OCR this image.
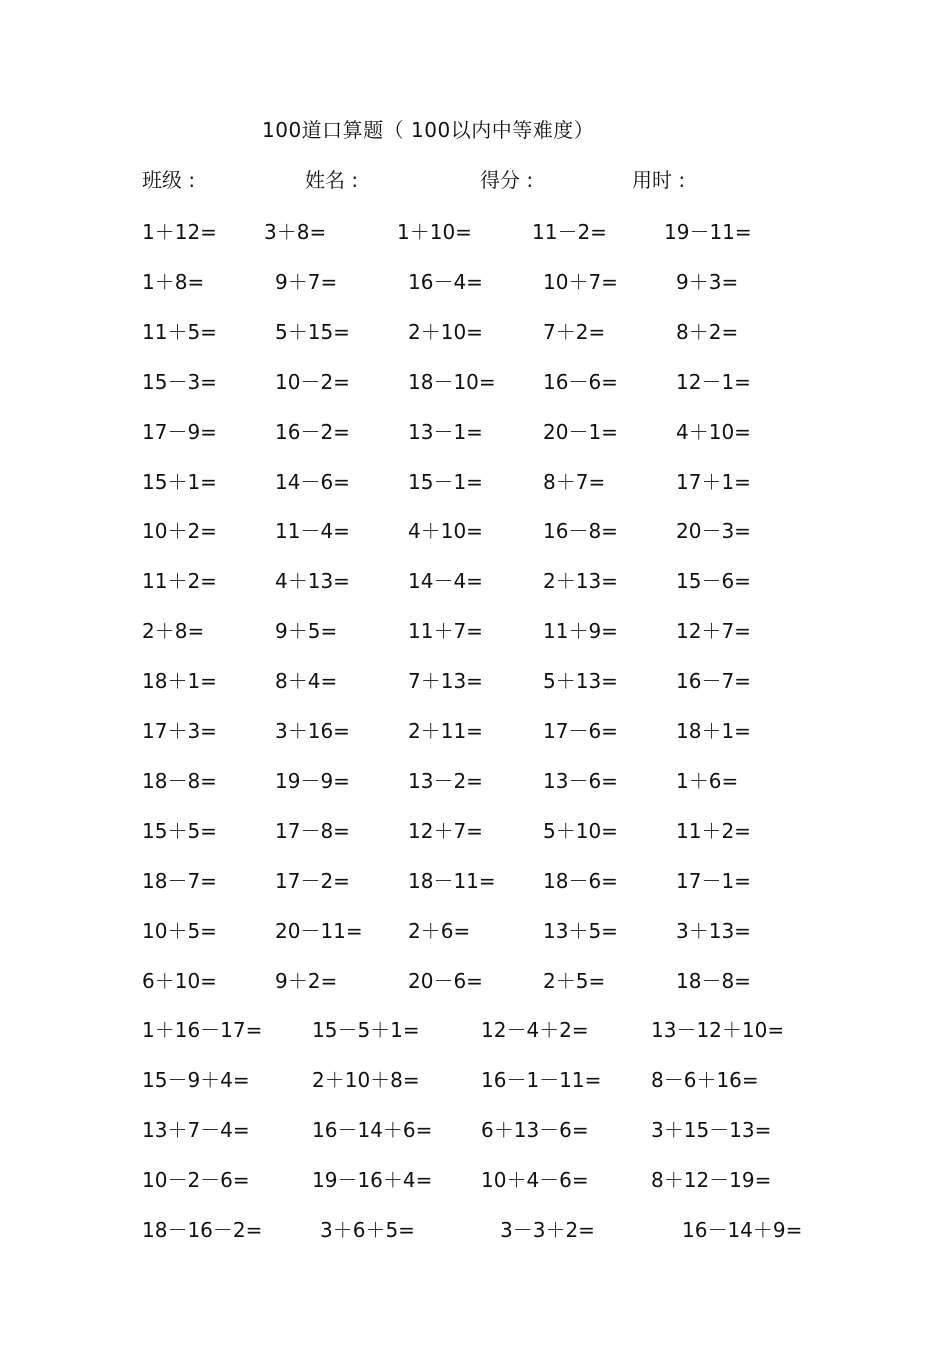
100道口算题（ 100以内中等难度）
班级 :	姓名 :	得分 :	用时 :
1＋12= 3＋8=	1＋10=	11－2=	19－11=
1＋8=	9＋7=	16－4=	10＋7=	9＋3=
11＋5=	5＋15=	2＋10=	7＋2=	8＋2=
15－3=	10－2=	18－10= 16－6=	12－1=
17－9=	16－2=	13－1=	20－1=	4＋10=
15＋1=	14－6=	15－1=	8＋7=	17＋1=
10＋2=	11－4=	4＋10=	16－8=	20－3=
11＋2=	4＋13=	14－4=	2＋13=	15－6=
2＋8=	9＋5=	11＋7=	11＋9=	12＋7=
18＋1=	8＋4=	7＋13=	5＋13=	16－7=
17＋3=	3＋16=	2＋11=	17－6=	18＋1=
18－8=	19－9=	13－2=	13－6=	1＋6=
15＋5=	17－8=	12＋7=	5＋10=	11＋2=
18－7=	17－2=	18－11= 18－6=	17－1=
10＋5=	20－11= 2＋6=	13＋5=	3＋13=
6＋10=	9＋2=	20－6=	2＋5=	18－8=
1＋16－17= 15－5＋1=	12－4＋2=	13－12＋10=
15－9＋4=	2＋10＋8=	16－1－11= 8－6＋16=
13＋7－4=	16－14＋6= 6＋13－6=	3＋15－13=
10－2－6=	19－16＋4= 10＋4－6=	8＋12－19=
18－16－2=	3＋6＋5=	3－3＋2=	16－14＋9=
